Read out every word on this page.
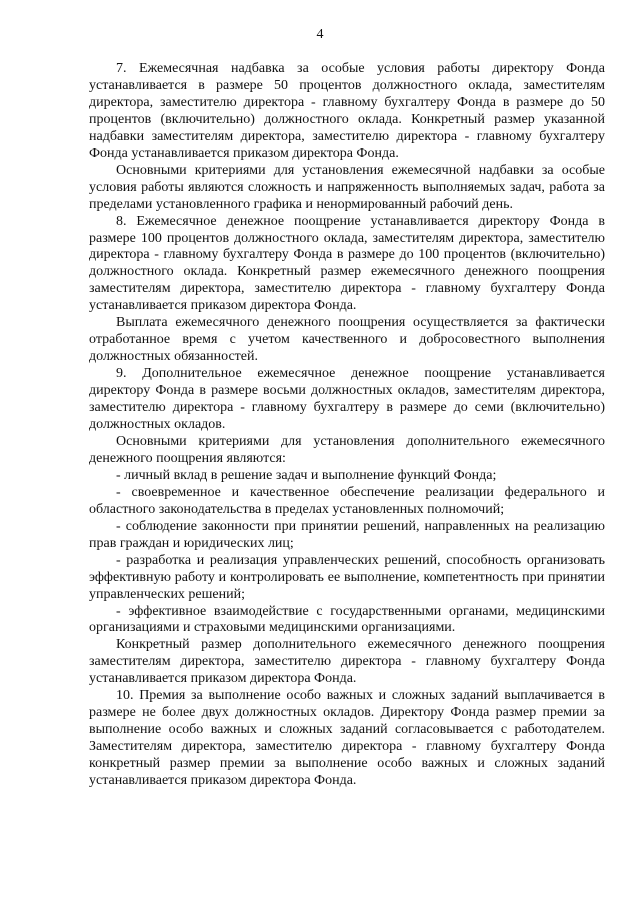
4

7. Ежемесячная надбавка за особые условия работы директору Фонда устанавливается в размере 50 процентов должностного оклада, заместителям директора, заместителю директора - главному бухгалтеру Фонда в размере до 50 процентов (включительно) должностного оклада. Конкретный размер указанной надбавки заместителям директора, заместителю директора - главному бухгалтеру Фонда устанавливается приказом директора Фонда.

Основными критериями для установления ежемесячной надбавки за особые условия работы являются сложность и напряженность выполняемых задач, работа за пределами установленного графика и ненормированный рабочий день.

8. Ежемесячное денежное поощрение устанавливается директору Фонда в размере 100 процентов должностного оклада, заместителям директора, заместителю директора - главному бухгалтеру Фонда в размере до 100 процентов (включительно) должностного оклада. Конкретный размер ежемесячного денежного поощрения заместителям директора, заместителю директора - главному бухгалтеру Фонда устанавливается приказом директора Фонда.

Выплата ежемесячного денежного поощрения осуществляется за фактически отработанное время с учетом качественного и добросовестного выполнения должностных обязанностей.

9. Дополнительное ежемесячное денежное поощрение устанавливается директору Фонда в размере восьми должностных окладов, заместителям директора, заместителю директора - главному бухгалтеру в размере до семи (включительно) должностных окладов.

Основными критериями для установления дополнительного ежемесячного денежного поощрения являются:

- личный вклад в решение задач и выполнение функций Фонда;

- своевременное и качественное обеспечение реализации федерального и областного законодательства в пределах установленных полномочий;

- соблюдение законности при принятии решений, направленных на реализацию прав граждан и юридических лиц;

- разработка и реализация управленческих решений, способность организовать эффективную работу и контролировать ее выполнение, компетентность при принятии управленческих решений;

- эффективное взаимодействие с государственными органами, медицинскими организациями и страховыми медицинскими организациями.

Конкретный размер дополнительного ежемесячного денежного поощрения заместителям директора, заместителю директора - главному бухгалтеру Фонда устанавливается приказом директора Фонда.

10. Премия за выполнение особо важных и сложных заданий выплачивается в размере не более двух должностных окладов. Директору Фонда размер премии за выполнение особо важных и сложных заданий согласовывается с работодателем. Заместителям директора, заместителю директора - главному бухгалтеру Фонда конкретный размер премии за выполнение особо важных и сложных заданий устанавливается приказом директора Фонда.
